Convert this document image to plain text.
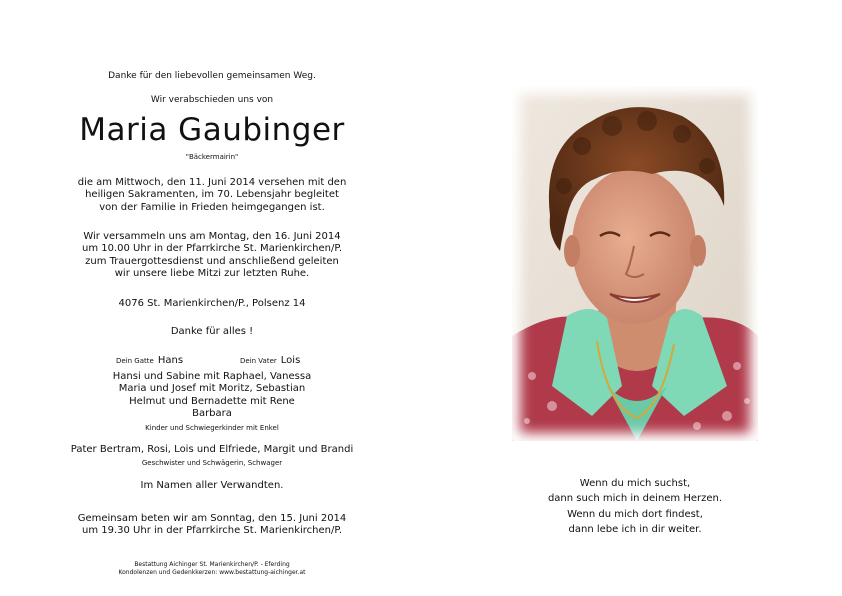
Danke für den liebevollen gemeinsamen Weg.
Wir verabschieden uns von
Maria Gaubinger
"Bäckermairin"
die am Mittwoch, den 11. Juni 2014 versehen mit den
heiligen Sakramenten, im 70. Lebensjahr begleitet
von der Familie in Frieden heimgegangen ist.
Wir versammeln uns am Montag, den 16. Juni 2014
um 10.00 Uhr in der Pfarrkirche St. Marienkirchen/P.
zum Trauergottesdienst und anschließend geleiten
wir unsere liebe Mitzi zur letzten Ruhe.
4076 St. Marienkirchen/P., Polsenz 14
Danke für alles !
Dein Gatte Hans	Dein Vater Lois
Hansi und Sabine mit Raphael, Vanessa
Maria und Josef mit Moritz, Sebastian
Helmut und Bernadette mit Rene
Barbara
Kinder und Schwiegerkinder mit Enkel
Pater Bertram, Rosi, Lois und Elfriede, Margit und Brandi
Geschwister und Schwägerin, Schwager
Im Namen aller Verwandten.
Gemeinsam beten wir am Sonntag, den 15. Juni 2014
um 19.30 Uhr in der Pfarrkirche St. Marienkirchen/P.
Bestattung Aichinger St. Marienkirchen/P. - Eferding
Kondolenzen und Gedenkkerzen: www.bestattung-aichinger.at
Wenn du mich suchst,
dann such mich in deinem Herzen.
Wenn du mich dort findest,
dann lebe ich in dir weiter.
